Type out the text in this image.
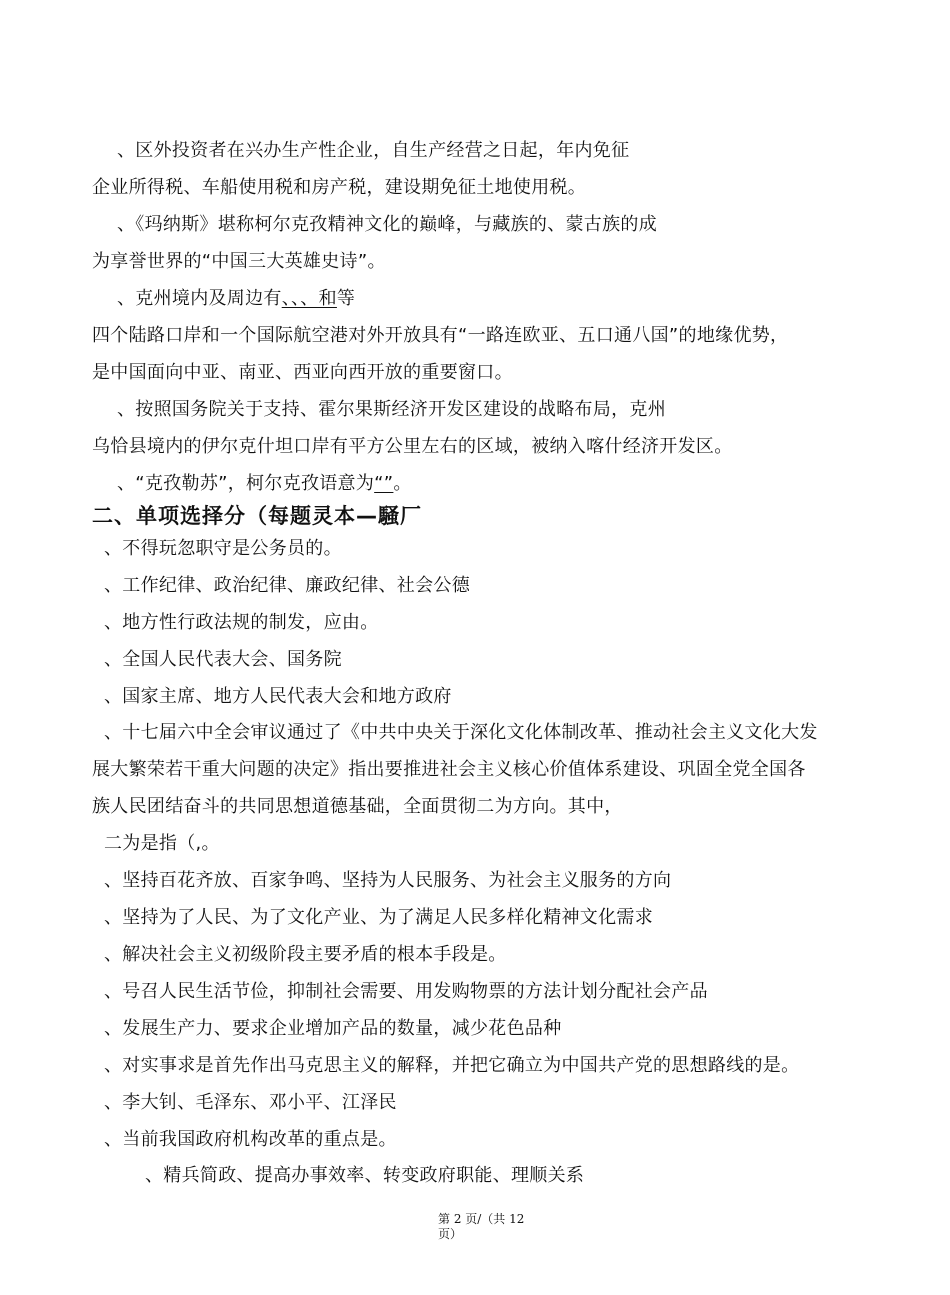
、区外投资者在兴办生产性企业，自生产经营之日起，年内免征
企业所得税、车船使用税和房产税，建设期免征土地使用税。
、《玛纳斯》堪称柯尔克孜精神文化的巅峰，与藏族的、蒙古族的成
为享誉世界的“中国三大英雄史诗”。
、克州境内及周边有、、、和等
四个陆路口岸和一个国际航空港对外开放具有“一路连欧亚、五口通八国”的地缘优势，
是中国面向中亚、南亚、西亚向西开放的重要窗口。
、按照国务院关于支持、霍尔果斯经济开发区建设的战略布局，克州
乌恰县境内的伊尔克什坦口岸有平方公里左右的区域，被纳入喀什经济开发区。
、“克孜勒苏”，柯尔克孜语意为“”。
二、单项选择分（每题灵本—騒厂
、不得玩忽职守是公务员的。
、工作纪律、政治纪律、廉政纪律、社会公德
、地方性行政法规的制发，应由。
、全国人民代表大会、国务院
、国家主席、地方人民代表大会和地方政府
、十七届六中全会审议通过了《中共中央关于深化文化体制改革、推动社会主义文化大发
展大繁荣若干重大问题的决定》指出要推进社会主义核心价值体系建设、巩固全党全国各
族人民团结奋斗的共同思想道德基础，全面贯彻二为方向。其中，
二为是指（,。
、坚持百花齐放、百家争鸣、坚持为人民服务、为社会主义服务的方向
、坚持为了人民、为了文化产业、为了满足人民多样化精神文化需求
、解决社会主义初级阶段主要矛盾的根本手段是。
、号召人民生活节俭，抑制社会需要、用发购物票的方法计划分配社会产品
、发展生产力、要求企业增加产品的数量，减少花色品种
、对实事求是首先作出马克思主义的解释，并把它确立为中国共产党的思想路线的是。
、李大钊、毛泽东、邓小平、江泽民
、当前我国政府机构改革的重点是。
、精兵简政、提高办事效率、转变政府职能、理顺关系
第 2 页/（共 12
页）
